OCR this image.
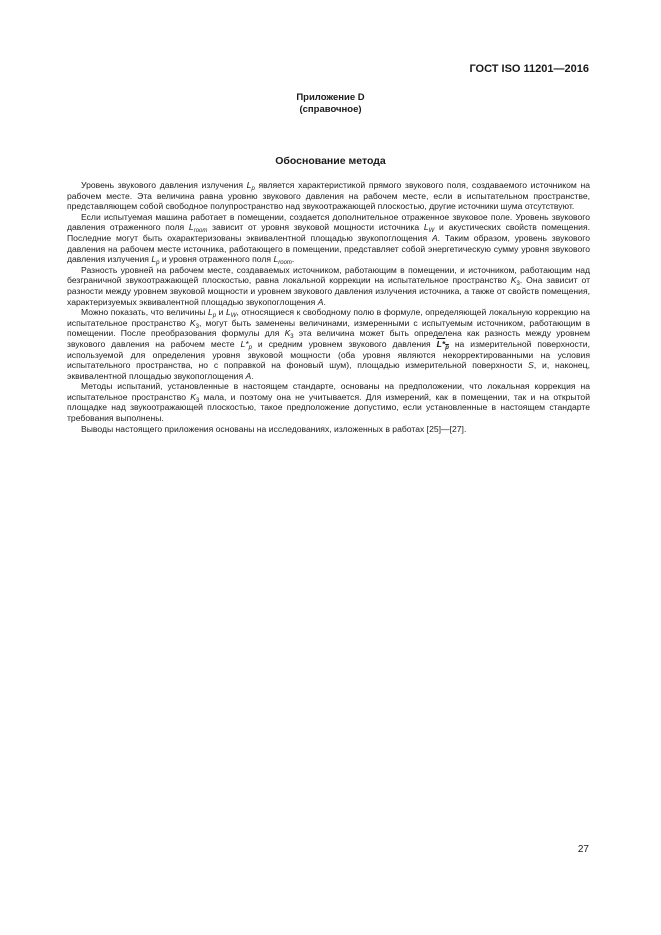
ГОСТ ISO 11201—2016
Приложение D
(справочное)
Обоснование метода

Уровень звукового давления излучения $L_p$ является характеристикой прямого звукового поля, создаваемого источником на рабочем месте. Эта величина равна уровню звукового давления на рабочем месте, если в испытательном пространстве, представляющем собой свободное полупространство над звукоотражающей плоскостью, другие источники шума отсутствуют.

Если испытуемая машина работает в помещении, создается дополнительное отраженное звуковое поле. Уровень звукового давления отраженного поля $L_{room}$ зависит от уровня звуковой мощности источника $L_W$ и акустических свойств помещения. Последние могут быть охарактеризованы эквивалентной площадью звукопоглощения A. Таким образом, уровень звукового давления на рабочем месте источника, работающего в помещении, представляет собой энергетическую сумму уровня звукового давления излучения $L_p$ и уровня отраженного поля $L_{room}$.

Разность уровней на рабочем месте, создаваемых источником, работающим в помещении, и источником, работающим над безграничной звукоотражающей плоскостью, равна локальной коррекции на испытательное пространство $K_3$. Она зависит от разности между уровнем звуковой мощности и уровнем звукового давления излучения источника, а также от свойств помещения, характеризуемых эквивалентной площадью звукопоглощения A.

Можно показать, что величины $L_p$ и $L_W$, относящиеся к свободному полю в формуле, определяющей локальную коррекцию на испытательное пространство $K_3$, могут быть заменены величинами, измеренными с испытуемым источником, работающим в помещении. После преобразования формулы для $K_3$ эта величина может быть определена как разность между уровнем звукового давления на рабочем месте $L*_p$ и средним уровнем звукового давления $L*_p$ на измерительной поверхности, используемой для определения уровня звуковой мощности (оба уровня являются некорректированными на условия испытательного пространства, но с поправкой на фоновый шум), площадью измерительной поверхности S, и, наконец, эквивалентной площадью звукопоглощения A.

Методы испытаний, установленные в настоящем стандарте, основаны на предположении, что локальная коррекция на испытательное пространство $K_3$ мала, и поэтому она не учитывается. Для измерений, как в помещении, так и на открытой площадке над звукоотражающей плоскостью, такое предположение допустимо, если установленные в настоящем стандарте требования выполнены.

Выводы настоящего приложения основаны на исследованиях, изложенных в работах [25]—[27].

27
